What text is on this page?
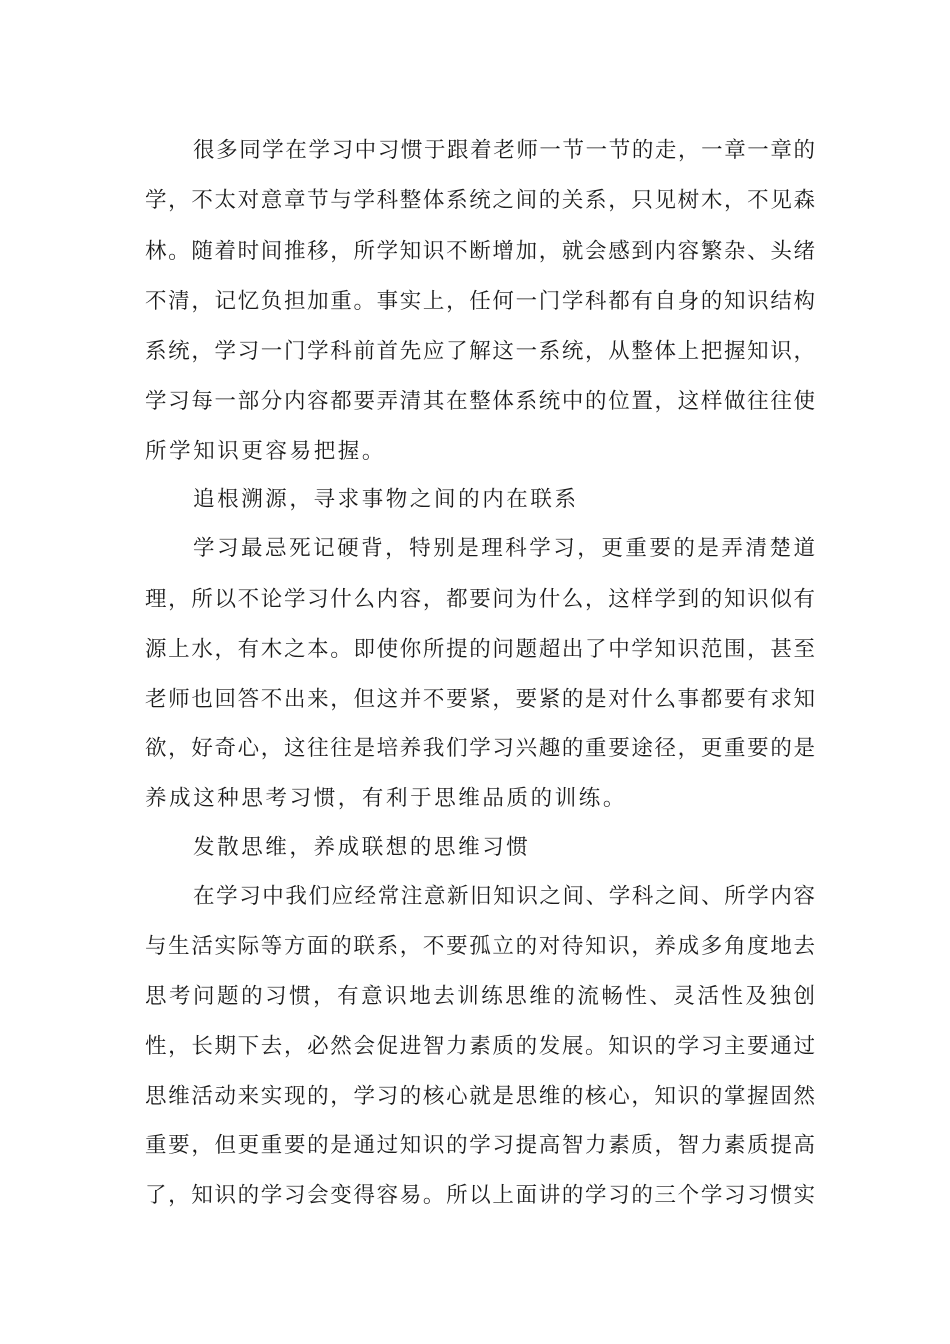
很多同学在学习中习惯于跟着老师一节一节的走，一章一章的
学，不太对意章节与学科整体系统之间的关系，只见树木，不见森
林。随着时间推移，所学知识不断增加，就会感到内容繁杂、头绪
不清，记忆负担加重。事实上，任何一门学科都有自身的知识结构
系统，学习一门学科前首先应了解这一系统，从整体上把握知识，
学习每一部分内容都要弄清其在整体系统中的位置，这样做往往使
所学知识更容易把握。
追根溯源，寻求事物之间的内在联系
学习最忌死记硬背，特别是理科学习，更重要的是弄清楚道
理，所以不论学习什么内容，都要问为什么，这样学到的知识似有
源上水，有木之本。即使你所提的问题超出了中学知识范围，甚至
老师也回答不出来，但这并不要紧，要紧的是对什么事都要有求知
欲，好奇心，这往往是培养我们学习兴趣的重要途径，更重要的是
养成这种思考习惯，有利于思维品质的训练。
发散思维，养成联想的思维习惯
在学习中我们应经常注意新旧知识之间、学科之间、所学内容
与生活实际等方面的联系，不要孤立的对待知识，养成多角度地去
思考问题的习惯，有意识地去训练思维的流畅性、灵活性及独创
性，长期下去，必然会促进智力素质的发展。知识的学习主要通过
思维活动来实现的，学习的核心就是思维的核心，知识的掌握固然
重要，但更重要的是通过知识的学习提高智力素质，智力素质提高
了，知识的学习会变得容易。所以上面讲的学习的三个学习习惯实
